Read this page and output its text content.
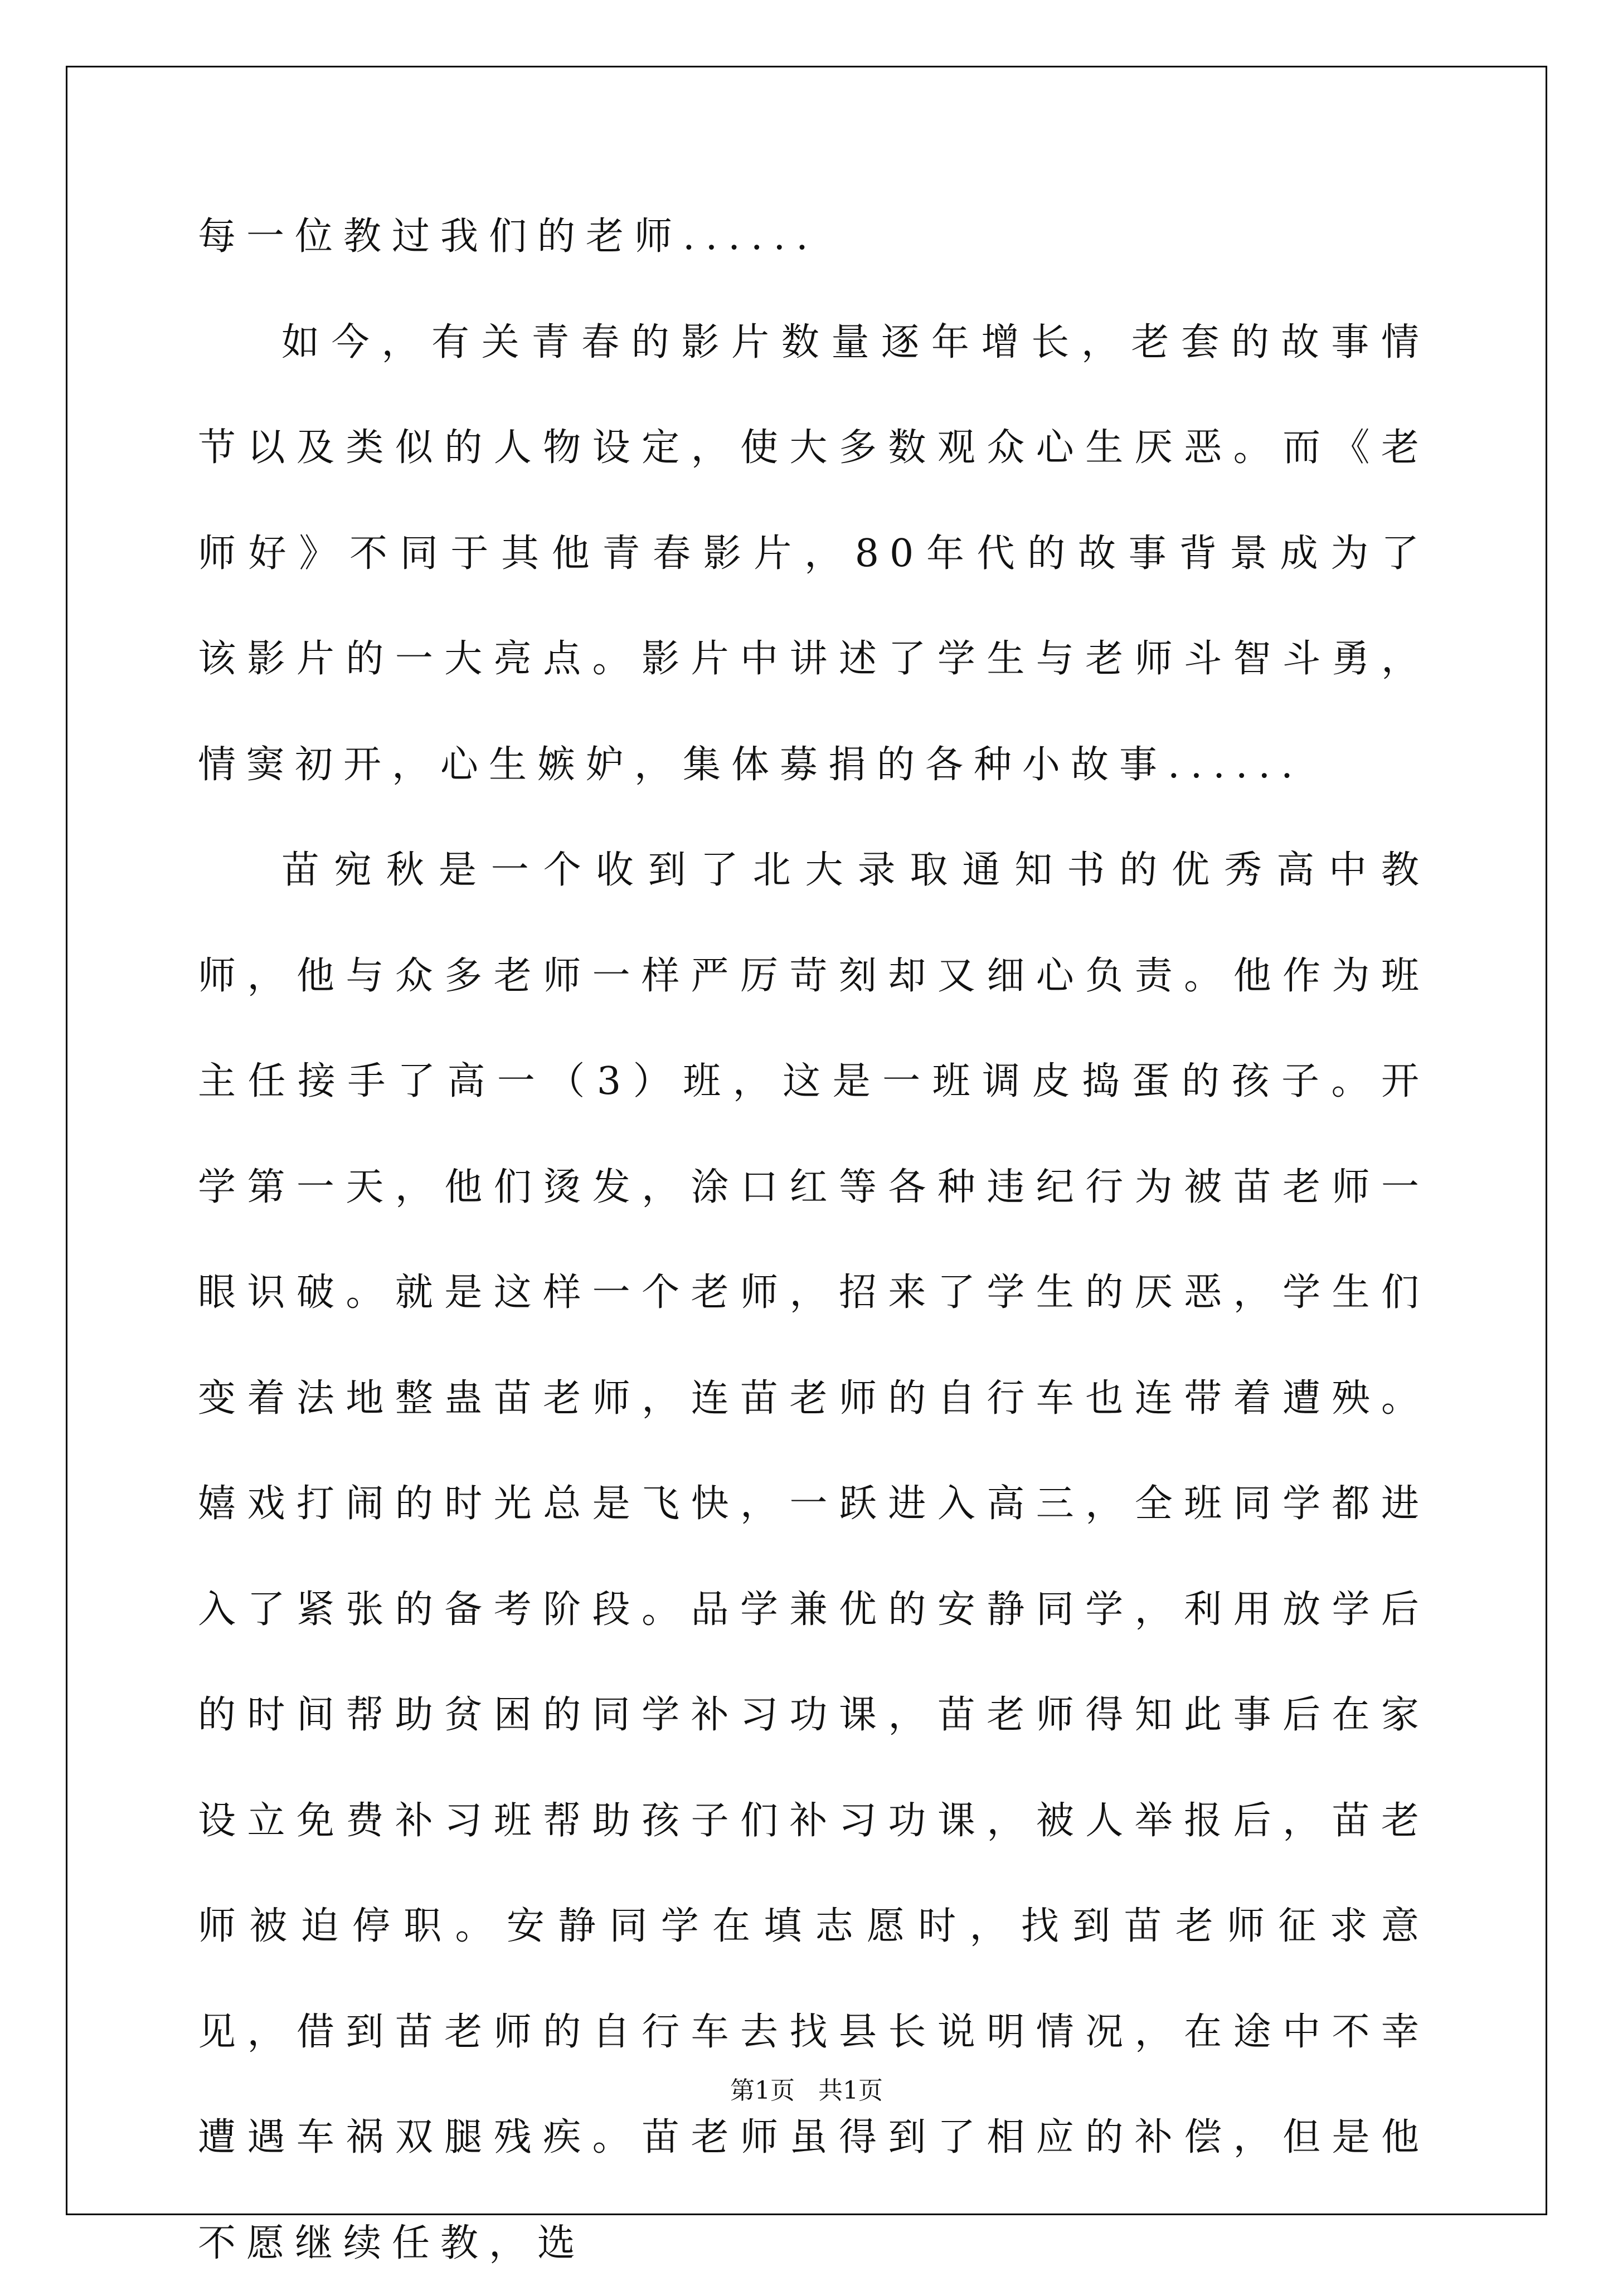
每一位教过我们的老师......

如今，有关青春的影片数量逐年增长，老套的故事情节以及类似的人物设定，使大多数观众心生厌恶。而《老师好》不同于其他青春影片，80年代的故事背景成为了该影片的一大亮点。影片中讲述了学生与老师斗智斗勇，情窦初开，心生嫉妒，集体募捐的各种小故事......

苗宛秋是一个收到了北大录取通知书的优秀高中教师，他与众多老师一样严厉苛刻却又细心负责。他作为班主任接手了高一（3）班，这是一班调皮捣蛋的孩子。开学第一天，他们烫发，涂口红等各种违纪行为被苗老师一眼识破。就是这样一个老师，招来了学生的厌恶，学生们变着法地整蛊苗老师，连苗老师的自行车也连带着遭殃。嬉戏打闹的时光总是飞快，一跃进入高三，全班同学都进入了紧张的备考阶段。品学兼优的安静同学，利用放学后的时间帮助贫困的同学补习功课，苗老师得知此事后在家设立免费补习班帮助孩子们补习功课，被人举报后，苗老师被迫停职。安静同学在填志愿时，找到苗老师征求意见，借到苗老师的自行车去找县长说明情况，在途中不幸遭遇车祸双腿残疾。苗老师虽得到了相应的补偿，但是他不愿继续任教，选

第1页   共1页
